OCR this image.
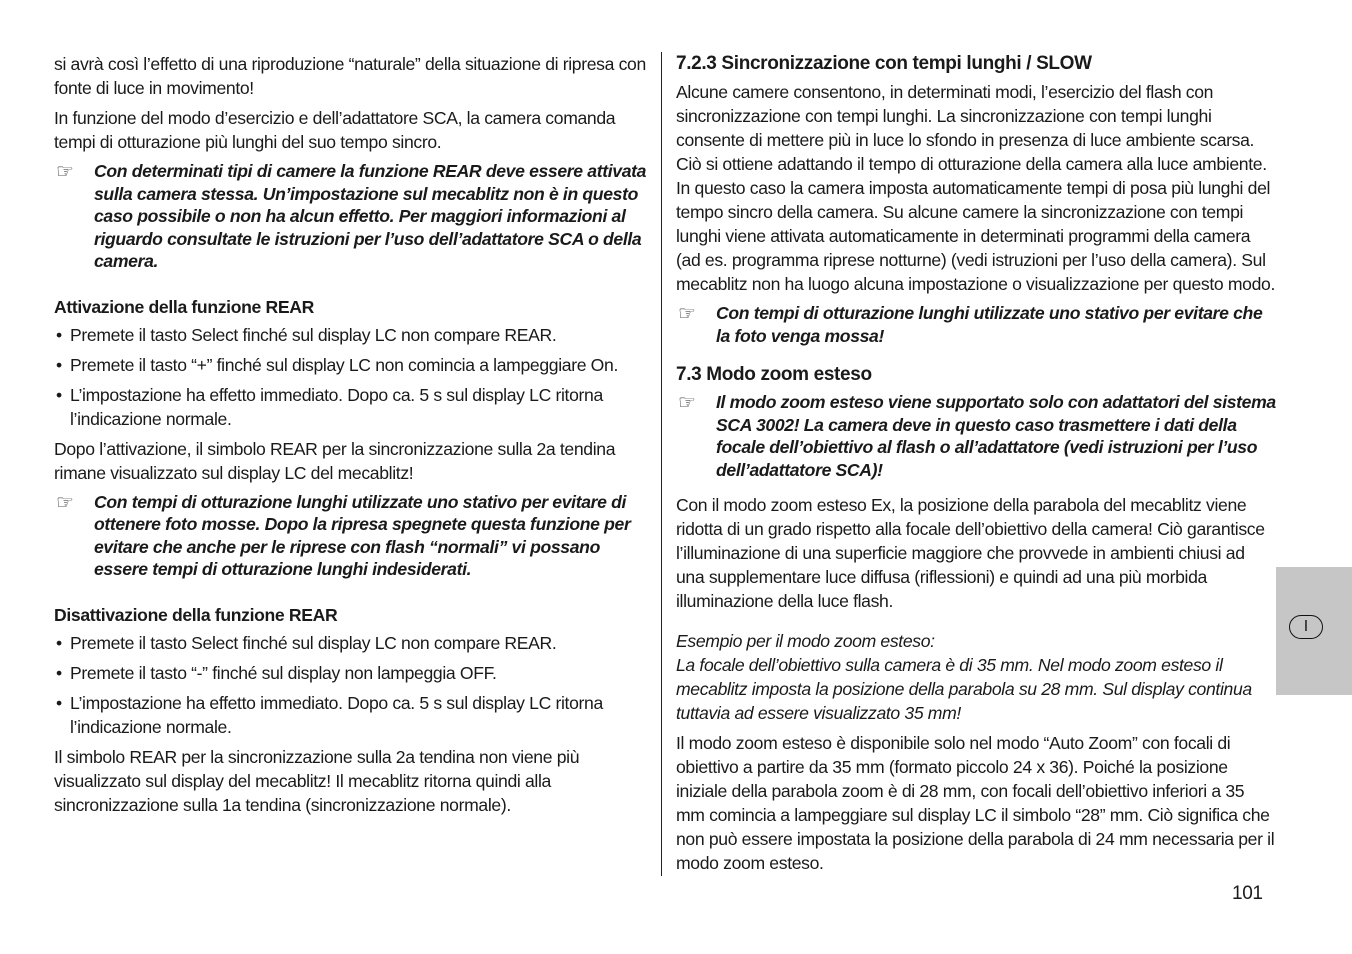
si avrà così l’effetto di una riproduzione “naturale” della situazione di ripresa con fonte di luce in movimento!

In funzione del modo d’esercizio e dell’adattatore SCA, la camera comanda tempi di otturazione più lunghi del suo tempo sincro.

☞ Con determinati tipi di camere la funzione REAR deve essere attivata sulla camera stessa. Un’impostazione sul mecablitz non è in questo caso possibile o non ha alcun effetto. Per maggiori informazioni al riguardo consultate le istruzioni per l’uso dell’adattatore SCA o della camera.
Attivazione della funzione REAR
• Premete il tasto Select finché sul display LC non compare REAR.
• Premete il tasto “+” finché sul display LC non comincia a lampeggiare On.
• L’impostazione ha effetto immediato. Dopo ca. 5 s sul display LC ritorna l’indicazione normale.

Dopo l’attivazione, il simbolo REAR per la sincronizzazione sulla 2a tendina rimane visualizzato sul display LC del mecablitz!

☞ Con tempi di otturazione lunghi utilizzate uno stativo per evitare di ottenere foto mosse. Dopo la ripresa spegnete questa funzione per evitare che anche per le riprese con flash “normali” vi possano essere tempi di otturazione lunghi indesiderati.
Disattivazione della funzione REAR
• Premete il tasto Select finché sul display LC non compare REAR.
• Premete il tasto “-” finché sul display non lampeggia OFF.
• L’impostazione ha effetto immediato. Dopo ca. 5 s sul display LC ritorna l’indicazione normale.

Il simbolo REAR per la sincronizzazione sulla 2a tendina non viene più visualizzato sul display del mecablitz! Il mecablitz ritorna quindi alla sincronizzazione sulla 1a tendina (sincronizzazione normale).

7.2.3 Sincronizzazione con tempi lunghi / SLOW

Alcune camere consentono, in determinati modi, l’esercizio del flash con sincronizzazione con tempi lunghi. La sincronizzazione con tempi lunghi consente di mettere più in luce lo sfondo in presenza di luce ambiente scarsa. Ciò si ottiene adattando il tempo di otturazione della camera alla luce ambiente. In questo caso la camera imposta automaticamente tempi di posa più lunghi del tempo sincro della camera. Su alcune camere la sincronizzazione con tempi lunghi viene attivata automaticamente in determinati programmi della camera (ad es. programma riprese notturne) (vedi istruzioni per l’uso della camera). Sul mecablitz non ha luogo alcuna impostazione o visualizzazione per questo modo.

☞ Con tempi di otturazione lunghi utilizzate uno stativo per evitare che la foto venga mossa!
7.3 Modo zoom esteso
☞ Il modo zoom esteso viene supportato solo con adattatori del sistema SCA 3002! La camera deve in questo caso trasmettere i dati della focale dell’obiettivo al flash o all’adattatore (vedi istruzioni per l’uso dell’adattatore SCA)!

Con il modo zoom esteso Ex, la posizione della parabola del mecablitz viene ridotta di un grado rispetto alla focale dell’obiettivo della camera! Ciò garantisce l’illuminazione di una superficie maggiore che provvede in ambienti chiusi ad una supplementare luce diffusa (riflessioni) e quindi ad una più morbida illuminazione della luce flash.

Esempio per il modo zoom esteso:

La focale dell’obiettivo sulla camera è di 35 mm. Nel modo zoom esteso il mecablitz imposta la posizione della parabola su 28 mm. Sul display continua tuttavia ad essere visualizzato 35 mm!

Il modo zoom esteso è disponibile solo nel modo “Auto Zoom” con focali di obiettivo a partire da 35 mm (formato piccolo 24 x 36). Poiché la posizione iniziale della parabola zoom è di 28 mm, con focali dell’obiettivo inferiori a 35 mm comincia a lampeggiare sul display LC il simbolo “28” mm. Ciò significa che non può essere impostata la posizione della parabola di 24 mm necessaria per il modo zoom esteso.

101
I
